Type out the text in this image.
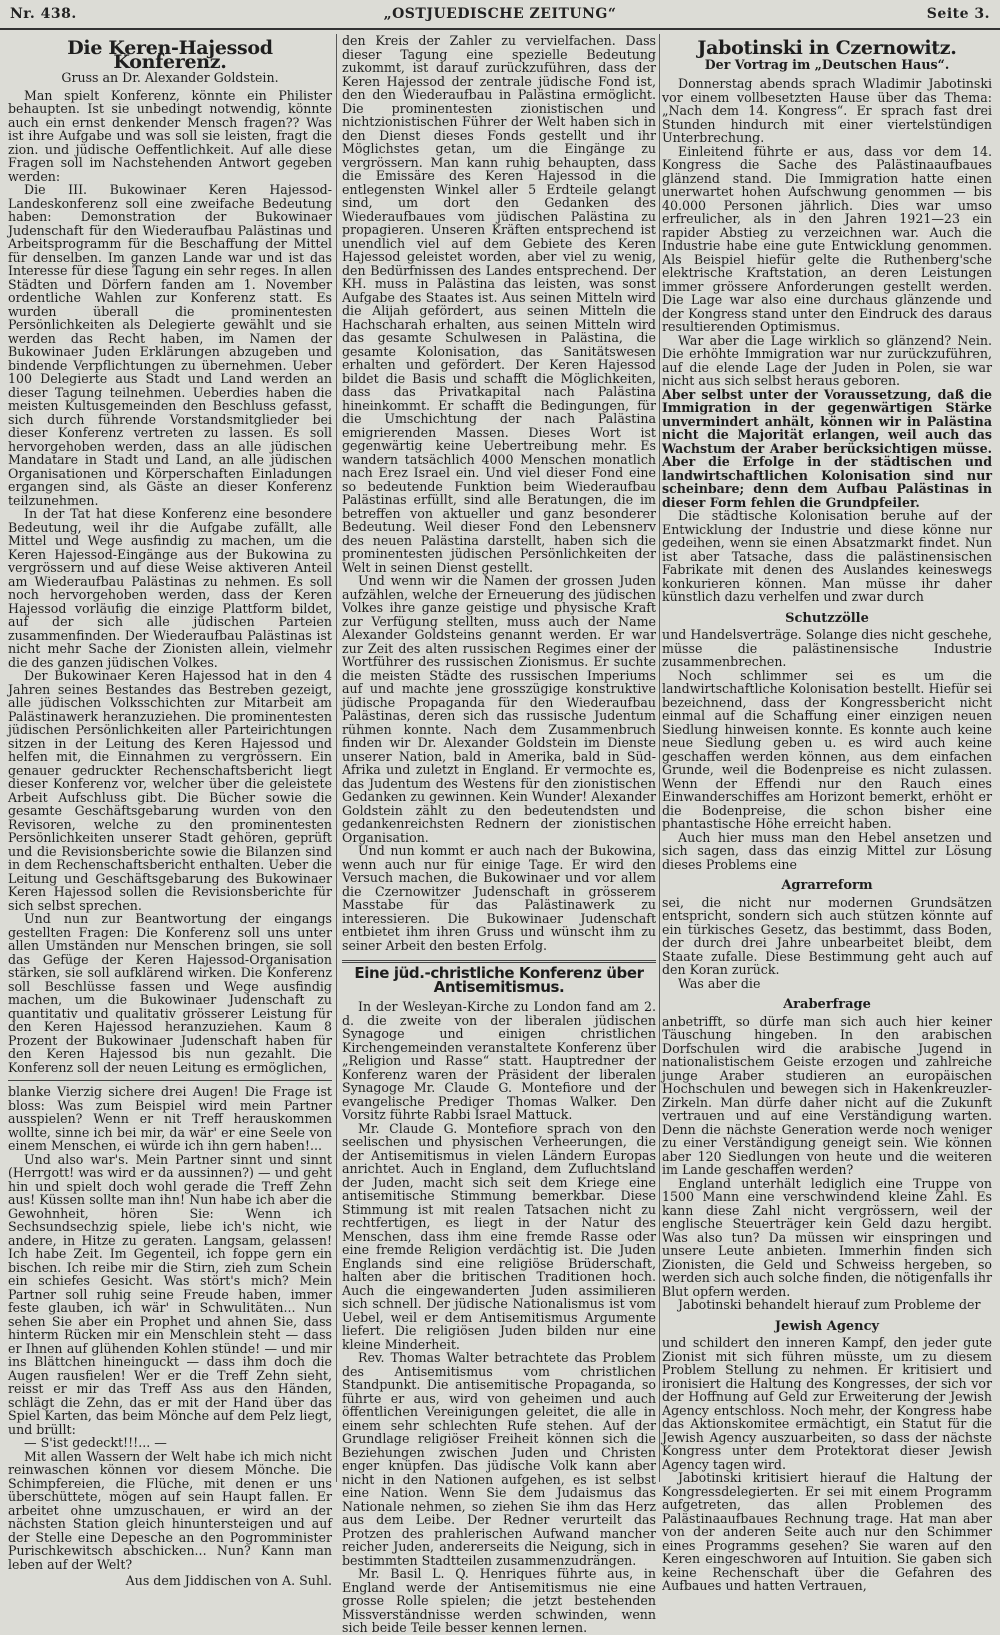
Nr. 438.	„OSTJUEDISCHE ZEITUNG“	Seite 3.
Die Keren-Hajessod Konferenz.
Gruss an Dr. Alexander Goldstein.

Man spielt Konferenz, könnte ein Philister behaupten. Ist sie unbedingt notwendig, könnte auch ein ernst denkender Mensch fragen?? Was ist ihre Aufgabe und was soll sie leisten, fragt die zion. und jüdische Oeffentlichkeit. Auf alle diese Fragen soll im Nachstehenden Antwort gegeben werden:

Die III. Bukowinaer Keren Hajessod-Landeskonferenz soll eine zweifache Bedeutung haben: Demonstration der Bukowinaer Judenschaft für den Wiederaufbau Palästinas und Arbeitsprogramm für die Beschaffung der Mittel für denselben. Im ganzen Lande war und ist das Interesse für diese Tagung ein sehr reges. In allen Städten und Dörfern fanden am 1. November ordentliche Wahlen zur Konferenz statt. Es wurden überall die prominentesten Persönlichkeiten als Delegierte gewählt und sie werden das Recht haben, im Namen der Bukowinaer Juden Erklärungen abzugeben und bindende Verpflichtungen zu übernehmen. Ueber 100 Delegierte aus Stadt und Land werden an dieser Tagung teilnehmen. Ueberdies haben die meisten Kultusgemeinden den Beschluss gefasst, sich durch führende Vorstandsmitglieder bei dieser Konferenz vertreten zu lassen. Es soll hervorgehoben werden, dass an alle jüdischen Mandatare in Stadt und Land, an alle jüdischen Organisationen und Körperschaften Einladungen ergangen sind, als Gäste an dieser Konferenz teilzunehmen.

In der Tat hat diese Konferenz eine besondere Bedeutung, weil ihr die Aufgabe zufällt, alle Mittel und Wege ausfindig zu machen, um die Keren Hajessod-Eingänge aus der Bukowina zu vergrössern und auf diese Weise aktiveren Anteil am Wiederaufbau Palästinas zu nehmen. Es soll noch hervorgehoben werden, dass der Keren Hajessod vorläufig die einzige Plattform bildet, auf der sich alle jüdischen Parteien zusammenfinden. Der Wiederaufbau Palästinas ist nicht mehr Sache der Zionisten allein, vielmehr die des ganzen jüdischen Volkes.

Der Bukowinaer Keren Hajessod hat in den 4 Jahren seines Bestandes das Bestreben gezeigt, alle jüdischen Volksschichten zur Mitarbeit am Palästinawerk heranzuziehen. Die prominentesten jüdischen Persönlichkeiten aller Parteirichtungen sitzen in der Leitung des Keren Hajessod und helfen mit, die Einnahmen zu vergrössern. Ein genauer gedruckter Rechenschaftsbericht liegt dieser Konferenz vor, welcher über die geleistete Arbeit Aufschluss gibt. Die Bücher sowie die gesamte Geschäftsgebarung wurden von den Revisoren, welche zu den prominentesten Persönlichkeiten unserer Stadt gehören, geprüft und die Revisionsberichte sowie die Bilanzen sind in dem Rechenschaftsbericht enthalten. Ueber die Leitung und Geschäftsgebarung des Bukowinaer Keren Hajessod sollen die Revisionsberichte für sich selbst sprechen.

Und nun zur Beantwortung der eingangs gestellten Fragen: Die Konferenz soll uns unter allen Umständen nur Menschen bringen, sie soll das Gefüge der Keren Hajessod-Organisation stärken, sie soll aufklärend wirken. Die Konferenz soll Beschlüsse fassen und Wege ausfindig machen, um die Bukowinaer Judenschaft zu quantitativ und qualitativ grösserer Leistung für den Keren Hajessod heranzuziehen. Kaum 8 Prozent der Bukowinaer Judenschaft haben für den Keren Hajessod bis nun gezahlt. Die Konferenz soll der neuen Leitung es ermöglichen,

blanke Vierzig sichere drei Augen! Die Frage ist bloss: Was zum Beispiel wird mein Partner ausspielen? Wenn er nit Treff herauskommen wollte, sinne ich bei mir, da wär' er eine Seele von einem Menschen, ei würde ich ihn gern haben!...

Und also war's. Mein Partner sinnt und sinnt (Herrgott! was wird er da aussinnen?) — und geht hin und spielt doch wohl gerade die Treff Zehn aus! Küssen sollte man ihn! Nun habe ich aber die Gewohnheit, hören Sie: Wenn ich Sechsundsechzig spiele, liebe ich's nicht, wie andere, in Hitze zu geraten. Langsam, gelassen! Ich habe Zeit. Im Gegenteil, ich foppe gern ein bischen. Ich reibe mir die Stirn, zieh zum Schein ein schiefes Gesicht. Was stört's mich? Mein Partner soll ruhig seine Freude haben, immer feste glauben, ich wär' in Schwulitäten... Nun sehen Sie aber ein Prophet und ahnen Sie, dass hinterm Rücken mir ein Menschlein steht — dass er Ihnen auf glühenden Kohlen stünde! — und mir ins Blättchen hineinguckt — dass ihm doch die Augen rausfielen! Wer er die Treff Zehn sieht, reisst er mir das Treff Ass aus den Händen, schlägt die Zehn, das er mit der Hand über das Spiel Karten, das beim Mönche auf dem Pelz liegt, und brüllt:

— S'ist gedeckt!!!... —

Mit allen Wassern der Welt habe ich mich nicht reinwaschen können vor diesem Mönche. Die Schimpfereien, die Flüche, mit denen er uns überschüttete, mögen auf sein Haupt fallen. Er arbeitet ohne umzuschauen, er wird an der nächsten Station gleich hinuntersteigen und auf der Stelle eine Depesche an den Pogromminister Purischkewitsch abschicken... Nun? Kann man leben auf der Welt?

Aus dem Jiddischen von A. Suhl.

den Kreis der Zahler zu vervielfachen. Dass dieser Tagung eine spezielle Bedeutung zukommt, ist darauf zurückzuführen, dass der Keren Hajessod der zentrale jüdische Fond ist, den den Wiederaufbau in Palästina ermöglicht. Die prominentesten zionistischen und nichtzionistischen Führer der Welt haben sich in den Dienst dieses Fonds gestellt und ihr Möglichstes getan, um die Eingänge zu vergrössern. Man kann ruhig behaupten, dass die Emissäre des Keren Hajessod in die entlegensten Winkel aller 5 Erdteile gelangt sind, um dort den Gedanken des Wiederaufbaues vom jüdischen Palästina zu propagieren. Unseren Kräften entsprechend ist unendlich viel auf dem Gebiete des Keren Hajessod geleistet worden, aber viel zu wenig, den Bedürfnissen des Landes entsprechend. Der KH. muss in Palästina das leisten, was sonst Aufgabe des Staates ist. Aus seinen Mitteln wird die Alijah gefördert, aus seinen Mitteln die Hachscharah erhalten, aus seinen Mitteln wird das gesamte Schulwesen in Palästina, die gesamte Kolonisation, das Sanitätswesen erhalten und gefördert. Der Keren Hajessod bildet die Basis und schafft die Möglichkeiten, dass das Privatkapital nach Palästina hineinkommt. Er schafft die Bedingungen, für die Umschichtung der nach Palästina emigrierenden Massen. Dieses Wort ist gegenwärtig keine Uebertreibung mehr. Es wandern tatsächlich 4000 Menschen monatlich nach Erez Israel ein. Und viel dieser Fond eine so bedeutende Funktion beim Wiederaufbau Palästinas erfüllt, sind alle Beratungen, die im betreffen von aktueller und ganz besonderer Bedeutung. Weil dieser Fond den Lebensnerv des neuen Palästina darstellt, haben sich die prominentesten jüdischen Persönlichkeiten der Welt in seinen Dienst gestellt.

Und wenn wir die Namen der grossen Juden aufzählen, welche der Erneuerung des jüdischen Volkes ihre ganze geistige und physische Kraft zur Verfügung stellten, muss auch der Name Alexander Goldsteins genannt werden. Er war zur Zeit des alten russischen Regimes einer der Wortführer des russischen Zionismus. Er suchte die meisten Städte des russischen Imperiums auf und machte jene grosszügige konstruktive jüdische Propaganda für den Wiederaufbau Palästinas, deren sich das russische Judentum rühmen konnte. Nach dem Zusammenbruch finden wir Dr. Alexander Goldstein im Dienste unserer Nation, bald in Amerika, bald in Süd-Afrika und zuletzt in England. Er vermochte es, das Judentum des Westens für den zionistischen Gedanken zu gewinnen. Kein Wunder! Alexander Goldstein zählt zu den bedeutendsten und gedankenreichsten Rednern der zionistischen Organisation.

Und nun kommt er auch nach der Bukowina, wenn auch nur für einige Tage. Er wird den Versuch machen, die Bukowinaer und vor allem die Czernowitzer Judenschaft in grösserem Masstabe für das Palästinawerk zu interessieren. Die Bukowinaer Judenschaft entbietet ihm ihren Gruss und wünscht ihm zu seiner Arbeit den besten Erfolg.

Eine jüd.-christliche Konferenz über Antisemitismus.

In der Wesleyan-Kirche zu London fand am 2. d. die zweite von der liberalen jüdischen Synagoge und einigen christlichen Kirchengemeinden veranstaltete Konferenz über „Religion und Rasse“ statt. Hauptredner der Konferenz waren der Präsident der liberalen Synagoge Mr. Claude G. Montefiore und der evangelische Prediger Thomas Walker. Den Vorsitz führte Rabbi Israel Mattuck.

Mr. Claude G. Montefiore sprach von den seelischen und physischen Verheerungen, die der Antisemitismus in vielen Ländern Europas anrichtet. Auch in England, dem Zufluchtsland der Juden, macht sich seit dem Kriege eine antisemitische Stimmung bemerkbar. Diese Stimmung ist mit realen Tatsachen nicht zu rechtfertigen, es liegt in der Natur des Menschen, dass ihm eine fremde Rasse oder eine fremde Religion verdächtig ist. Die Juden Englands sind eine religiöse Brüderschaft, halten aber die britischen Traditionen hoch. Auch die eingewanderten Juden assimilieren sich schnell. Der jüdische Nationalismus ist vom Uebel, weil er dem Antisemitismus Argumente liefert. Die religiösen Juden bilden nur eine kleine Minderheit.

Rev. Thomas Walter betrachtete das Problem des Antisemitismus vom christlichen Standpunkt. Die antisemitische Propaganda, so führte er aus, wird von geheimen und auch öffentlichen Vereinigungen geleitet, die alle in einem sehr schlechten Rufe stehen. Auf der Grundlage religiöser Freiheit können sich die Beziehungen zwischen Juden und Christen enger knüpfen. Das jüdische Volk kann aber nicht in den Nationen aufgehen, es ist selbst eine Nation. Wenn Sie dem Judaismus das Nationale nehmen, so ziehen Sie ihm das Herz aus dem Leibe. Der Redner verurteilt das Protzen des prahlerischen Aufwand mancher reicher Juden, andererseits die Neigung, sich in bestimmten Stadtteilen zusammenzudrängen.

Mr. Basil L. Q. Henriques führte aus, in England werde der Antisemitismus nie eine grosse Rolle spielen; die jetzt bestehenden Missverständnisse werden schwinden, wenn sich beide Teile besser kennen lernen.

Jabotinski in Czernowitz.
Der Vortrag im „Deutschen Haus“.

Donnerstag abends sprach Wladimir Jabotinski vor einem vollbesetzten Hause über das Thema: „Nach dem 14. Kongress“. Er sprach fast drei Stunden hindurch mit einer viertelstündigen Unterbrechung.

Einleitend führte er aus, dass vor dem 14. Kongress die Sache des Palästinaaufbaues glänzend stand. Die Immigration hatte einen unerwartet hohen Aufschwung genommen — bis 40.000 Personen jährlich. Dies war umso erfreulicher, als in den Jahren 1921—23 ein rapider Abstieg zu verzeichnen war. Auch die Industrie habe eine gute Entwicklung genommen. Als Beispiel hiefür gelte die Ruthenberg'sche elektrische Kraftstation, an deren Leistungen immer grössere Anforderungen gestellt werden. Die Lage war also eine durchaus glänzende und der Kongress stand unter den Eindruck des daraus resultierenden Optimismus.

War aber die Lage wirklich so glänzend? Nein. Die erhöhte Immigration war nur zurückzuführen, auf die elende Lage der Juden in Polen, sie war nicht aus sich selbst heraus geboren.

Aber selbst unter der Voraussetzung, daß die Immigration in der gegenwärtigen Stärke unvermindert anhält, können wir in Palästina nicht die Majorität erlangen, weil auch das Wachstum der Araber berücksichtigen müsse. Aber die Erfolge in der städtischen und landwirtschaftlichen Kolonisation sind nur scheinbare; denn dem Aufbau Palästinas in dieser Form fehlen die Grundpfeiler.

Die städtische Kolonisation beruhe auf der Entwicklung der Industrie und diese könne nur gedeihen, wenn sie einen Absatzmarkt findet. Nun ist aber Tatsache, dass die palästinensischen Fabrikate mit denen des Auslandes keineswegs konkurieren können. Man müsse ihr daher künstlich dazu verhelfen und zwar durch

Schutzzölle

und Handelsverträge. Solange dies nicht geschehe, müsse die palästinensische Industrie zusammenbrechen.

Noch schlimmer sei es um die landwirtschaftliche Kolonisation bestellt. Hiefür sei bezeichnend, dass der Kongressbericht nicht einmal auf die Schaffung einer einzigen neuen Siedlung hinweisen konnte. Es konnte auch keine neue Siedlung geben u. es wird auch keine geschaffen werden können, aus dem einfachen Grunde, weil die Bodenpreise es nicht zulassen. Wenn der Effendi nur den Rauch eines Einwanderschiffes am Horizont bemerkt, erhöht er die Bodenpreise, die schon bisher eine phantastische Höhe erreicht haben.

Auch hier muss man den Hebel ansetzen und sich sagen, dass das einzig Mittel zur Lösung dieses Problems eine

Agrarreform

sei, die nicht nur modernen Grundsätzen entspricht, sondern sich auch stützen könnte auf ein türkisches Gesetz, das bestimmt, dass Boden, der durch drei Jahre unbearbeitet bleibt, dem Staate zufalle. Diese Bestimmung geht auch auf den Koran zurück.

Was aber die

Araberfrage

anbetrifft, so dürfe man sich auch hier keiner Täuschung hingeben. In den arabischen Dorfschulen wird die arabische Jugend in nationalistischem Geiste erzogen und zahlreiche junge Araber studieren an europäischen Hochschulen und bewegen sich in Hakenkreuzler-Zirkeln. Man dürfe daher nicht auf die Zukunft vertrauen und auf eine Verständigung warten. Denn die nächste Generation werde noch weniger zu einer Verständigung geneigt sein. Wie können aber 120 Siedlungen von heute und die weiteren im Lande geschaffen werden?

England unterhält lediglich eine Truppe von 1500 Mann eine verschwindend kleine Zahl. Es kann diese Zahl nicht vergrössern, weil der englische Steuerträger kein Geld dazu hergibt. Was also tun? Da müssen wir einspringen und unsere Leute anbieten. Immerhin finden sich Zionisten, die Geld und Schweiss hergeben, so werden sich auch solche finden, die nötigenfalls ihr Blut opfern werden.

Jabotinski behandelt hierauf zum Probleme der

Jewish Agency

und schildert den inneren Kampf, den jeder gute Zionist mit sich führen müsste, um zu diesem Problem Stellung zu nehmen. Er kritisiert und ironisiert die Haltung des Kongresses, der sich vor der Hoffnung auf Geld zur Erweiterung der Jewish Agency entschloss. Noch mehr, der Kongress habe das Aktionskomitee ermächtigt, ein Statut für die Jewish Agency auszuarbeiten, so dass der nächste Kongress unter dem Protektorat dieser Jewish Agency tagen wird.

Jabotinski kritisiert hierauf die Haltung der Kongressdelegierten. Er sei mit einem Programm aufgetreten, das allen Problemen des Palästinaaufbaues Rechnung trage. Hat man aber von der anderen Seite auch nur den Schimmer eines Programms gesehen? Sie waren auf den Keren eingeschworen auf Intuition. Sie gaben sich keine Rechenschaft über die Gefahren des Aufbaues und hatten Vertrauen,
